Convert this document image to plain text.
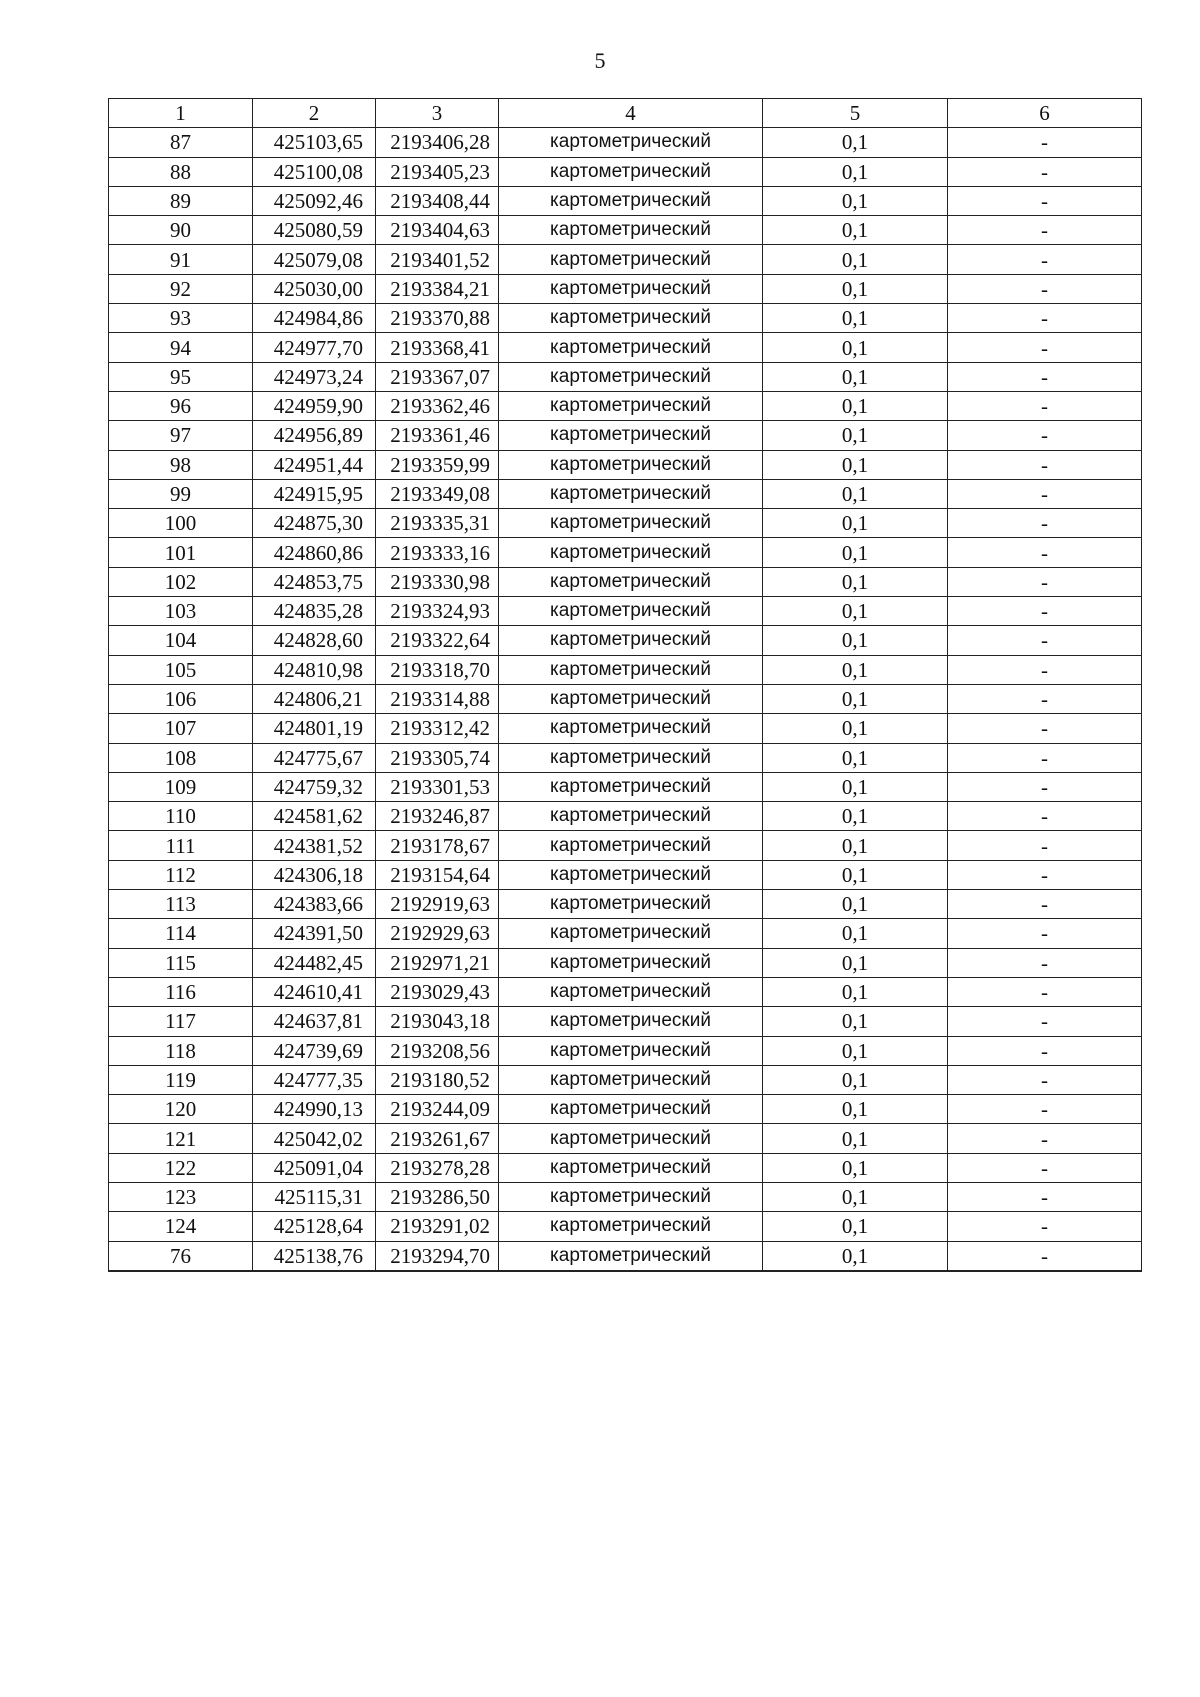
5
1	2	3	4	5	6
87	425103,65	2193406,28	картометрический	0,1	-
88	425100,08	2193405,23	картометрический	0,1	-
89	425092,46	2193408,44	картометрический	0,1	-
90	425080,59	2193404,63	картометрический	0,1	-
91	425079,08	2193401,52	картометрический	0,1	-
92	425030,00	2193384,21	картометрический	0,1	-
93	424984,86	2193370,88	картометрический	0,1	-
94	424977,70	2193368,41	картометрический	0,1	-
95	424973,24	2193367,07	картометрический	0,1	-
96	424959,90	2193362,46	картометрический	0,1	-
97	424956,89	2193361,46	картометрический	0,1	-
98	424951,44	2193359,99	картометрический	0,1	-
99	424915,95	2193349,08	картометрический	0,1	-
100	424875,30	2193335,31	картометрический	0,1	-
101	424860,86	2193333,16	картометрический	0,1	-
102	424853,75	2193330,98	картометрический	0,1	-
103	424835,28	2193324,93	картометрический	0,1	-
104	424828,60	2193322,64	картометрический	0,1	-
105	424810,98	2193318,70	картометрический	0,1	-
106	424806,21	2193314,88	картометрический	0,1	-
107	424801,19	2193312,42	картометрический	0,1	-
108	424775,67	2193305,74	картометрический	0,1	-
109	424759,32	2193301,53	картометрический	0,1	-
110	424581,62	2193246,87	картометрический	0,1	-
111	424381,52	2193178,67	картометрический	0,1	-
112	424306,18	2193154,64	картометрический	0,1	-
113	424383,66	2192919,63	картометрический	0,1	-
114	424391,50	2192929,63	картометрический	0,1	-
115	424482,45	2192971,21	картометрический	0,1	-
116	424610,41	2193029,43	картометрический	0,1	-
117	424637,81	2193043,18	картометрический	0,1	-
118	424739,69	2193208,56	картометрический	0,1	-
119	424777,35	2193180,52	картометрический	0,1	-
120	424990,13	2193244,09	картометрический	0,1	-
121	425042,02	2193261,67	картометрический	0,1	-
122	425091,04	2193278,28	картометрический	0,1	-
123	425115,31	2193286,50	картометрический	0,1	-
124	425128,64	2193291,02	картометрический	0,1	-
76	425138,76	2193294,70	картометрический	0,1	-
